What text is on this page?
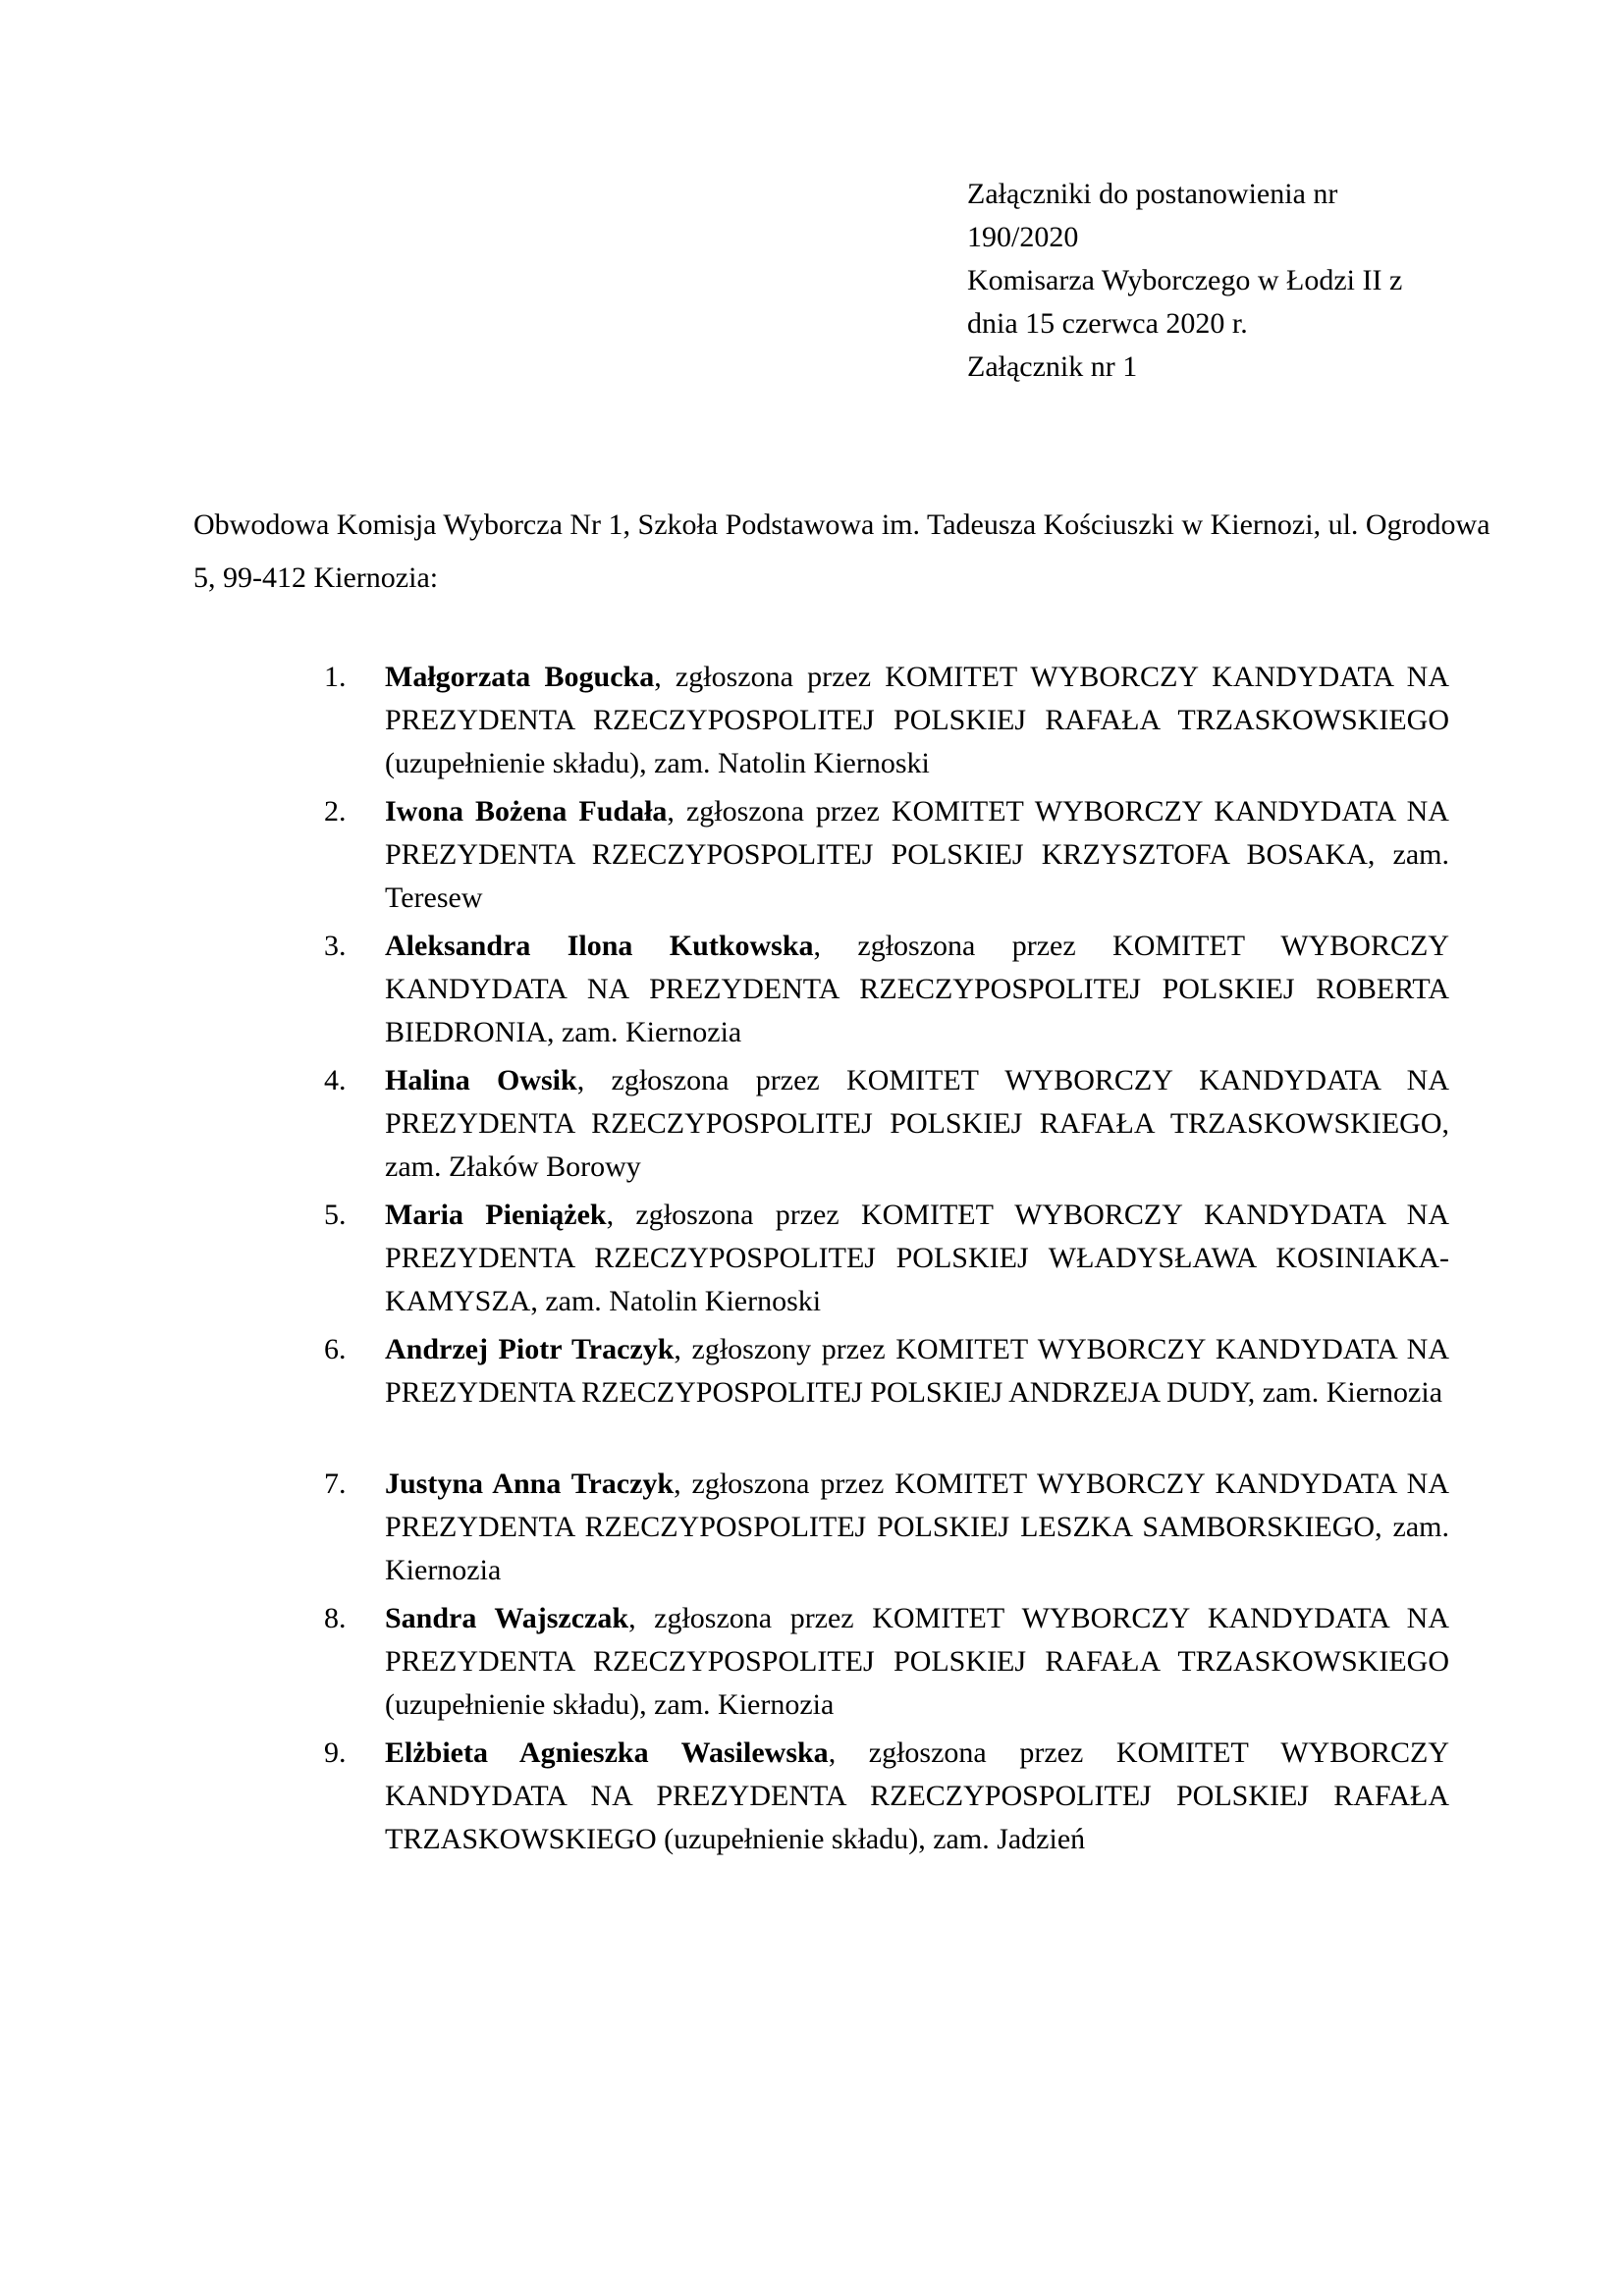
Załączniki do postanowienia nr
190/2020
Komisarza Wyborczego w Łodzi II z
dnia 15 czerwca 2020 r.
Załącznik nr 1
Obwodowa Komisja Wyborcza Nr 1, Szkoła Podstawowa im. Tadeusza Kościuszki w Kiernozi, ul. Ogrodowa 5, 99-412 Kiernozia:
1. Małgorzata Bogucka, zgłoszona przez KOMITET WYBORCZY KANDYDATA NA PREZYDENTA RZECZYPOSPOLITEJ POLSKIEJ RAFAŁA TRZASKOWSKIEGO (uzupełnienie składu), zam. Natolin Kiernoski
2. Iwona Bożena Fudała, zgłoszona przez KOMITET WYBORCZY KANDYDATA NA PREZYDENTA RZECZYPOSPOLITEJ POLSKIEJ KRZYSZTOFA BOSAKA, zam. Teresew
3. Aleksandra Ilona Kutkowska, zgłoszona przez KOMITET WYBORCZY KANDYDATA NA PREZYDENTA RZECZYPOSPOLITEJ POLSKIEJ ROBERTA BIEDRONIA, zam. Kiernozia
4. Halina Owsik, zgłoszona przez KOMITET WYBORCZY KANDYDATA NA PREZYDENTA RZECZYPOSPOLITEJ POLSKIEJ RAFAŁA TRZASKOWSKIEGO, zam. Złaków Borowy
5. Maria Pieniążek, zgłoszona przez KOMITET WYBORCZY KANDYDATA NA PREZYDENTA RZECZYPOSPOLITEJ POLSKIEJ WŁADYSŁAWA KOSINIAKA-KAMYSZA, zam. Natolin Kiernoski
6. Andrzej Piotr Traczyk, zgłoszony przez KOMITET WYBORCZY KANDYDATA NA PREZYDENTA RZECZYPOSPOLITEJ POLSKIEJ ANDRZEJA DUDY, zam. Kiernozia
7. Justyna Anna Traczyk, zgłoszona przez KOMITET WYBORCZY KANDYDATA NA PREZYDENTA RZECZYPOSPOLITEJ POLSKIEJ LESZKA SAMBORSKIEGO, zam. Kiernozia
8. Sandra Wajszczak, zgłoszona przez KOMITET WYBORCZY KANDYDATA NA PREZYDENTA RZECZYPOSPOLITEJ POLSKIEJ RAFAŁA TRZASKOWSKIEGO (uzupełnienie składu), zam. Kiernozia
9. Elżbieta Agnieszka Wasilewska, zgłoszona przez KOMITET WYBORCZY KANDYDATA NA PREZYDENTA RZECZYPOSPOLITEJ POLSKIEJ RAFAŁA TRZASKOWSKIEGO (uzupełnienie składu), zam. Jadzień
